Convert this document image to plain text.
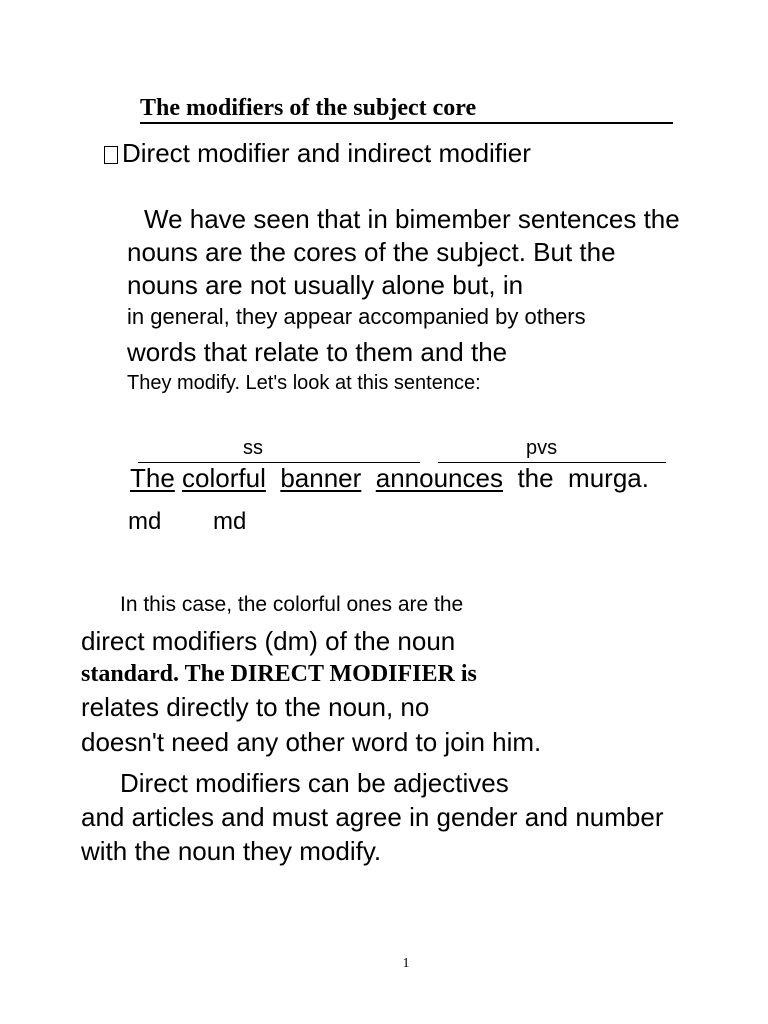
The modifiers of the subject core
Direct modifier and indirect modifier
We have seen that in bimember sentences the
nouns are the cores of the subject. But the
nouns are not usually alone but, in
in general, they appear accompanied by others
words that relate to them and the
They modify. Let's look at this sentence:
ss	pvs
The colorful banner announces the murga.
md md
In this case, the colorful ones are the
direct modifiers (dm) of the noun
standard. The DIRECT MODIFIER is
relates directly to the noun, no
doesn't need any other word to join him.
Direct modifiers can be adjectives
and articles and must agree in gender and number
with the noun they modify.
1
